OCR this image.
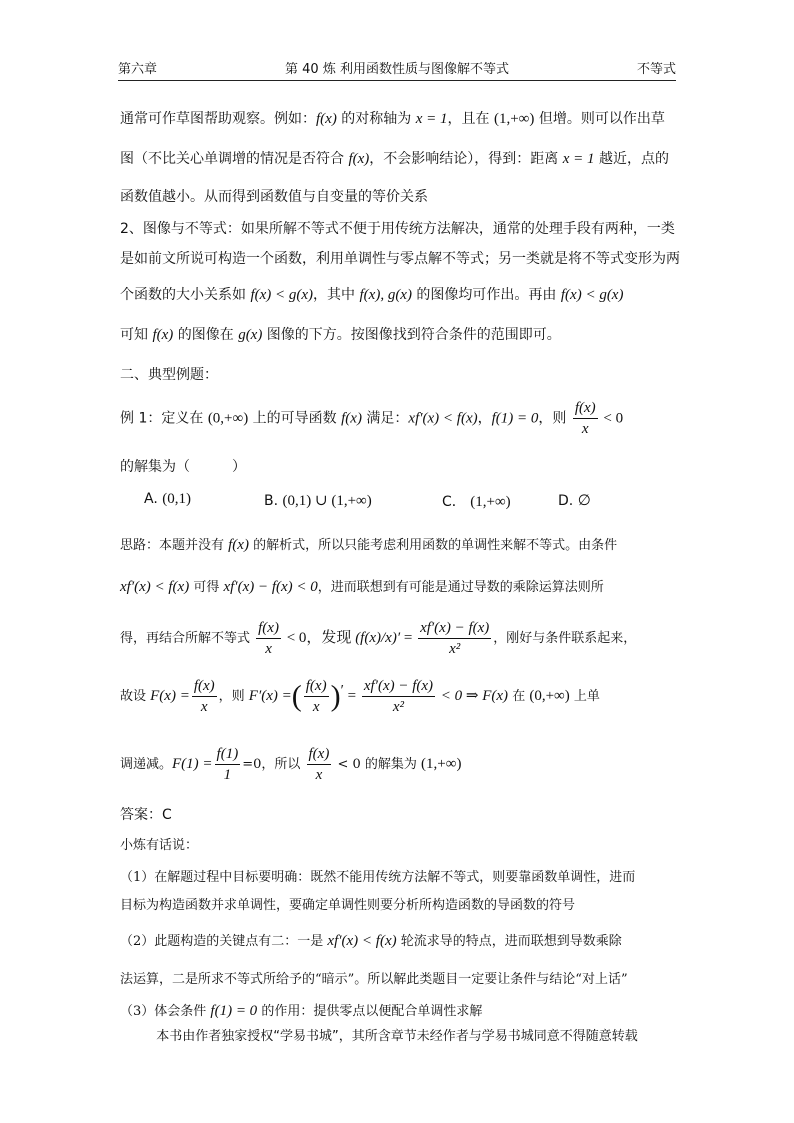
第六章	第 40 炼 利用函数性质与图像解不等式	不等式
通常可作草图帮助观察。例如：f(x) 的对称轴为 x = 1，且在 (1,+∞) 但增。则可以作出草
图（不比关心单调增的情况是否符合 f(x)，不会影响结论），得到：距离 x = 1 越近，点的
函数值越小。从而得到函数值与自变量的等价关系
2、图像与不等式：如果所解不等式不便于用传统方法解决，通常的处理手段有两种，一类
是如前文所说可构造一个函数，利用单调性与零点解不等式；另一类就是将不等式变形为两
个函数的大小关系如 f(x) < g(x)，其中 f(x), g(x) 的图像均可作出。再由 f(x) < g(x)
可知 f(x) 的图像在 g(x) 图像的下方。按图像找到符合条件的范围即可。
二、典型例题：
例 1：定义在 (0,+∞) 上的可导函数 f(x) 满足：xf′(x) < f(x)，f(1) = 0，则 $\frac{f(x)}{x} < 0$
的解集为（　　　）
A. (0,1)	B. (0,1) ∪ (1,+∞)	C． (1,+∞)	D. ∅
思路：本题并没有 f(x) 的解析式，所以只能考虑利用函数的单调性来解不等式。由条件
xf′(x) < f(x) 可得 xf′(x) − f(x) < 0，进而联想到有可能是通过导数的乘除运算法则所
得，再结合所解不等式 $\frac{f(x)}{x} < 0$，发现 $(f(x)/x)' = \frac{xf'(x) - f(x)}{\text{x²}}$ ，刚好与条件联系起来，
故设 $F(x) = \frac{f(x)}{x}$ ，则 F′(x) =( $\frac{f(x)}{x} )' = \frac{xf'(x) - f(x)}{\text{x²}} < 0$ ⇒ F(x) 在 (0,+∞) 上单
调递减。$F(1) = \frac{f(1)}{1} =0$，所以 $\frac{f(x)}{x} < 0$ 的解集为 (1,+∞)
答案：C
小炼有话说：
（1）在解题过程中目标要明确：既然不能用传统方法解不等式，则要靠函数单调性，进而
目标为构造函数并求单调性，要确定单调性则要分析所构造函数的导函数的符号
（2）此题构造的关键点有二：一是 xf′(x) < f(x) 轮流求导的特点，进而联想到导数乘除
法运算，二是所求不等式所给予的“暗示”。所以解此类题目一定要让条件与结论“对上话”
（3）体会条件 f(1) = 0 的作用：提供零点以便配合单调性求解
本书由作者独家授权“学易书城”，其所含章节未经作者与学易书城同意不得随意转载
